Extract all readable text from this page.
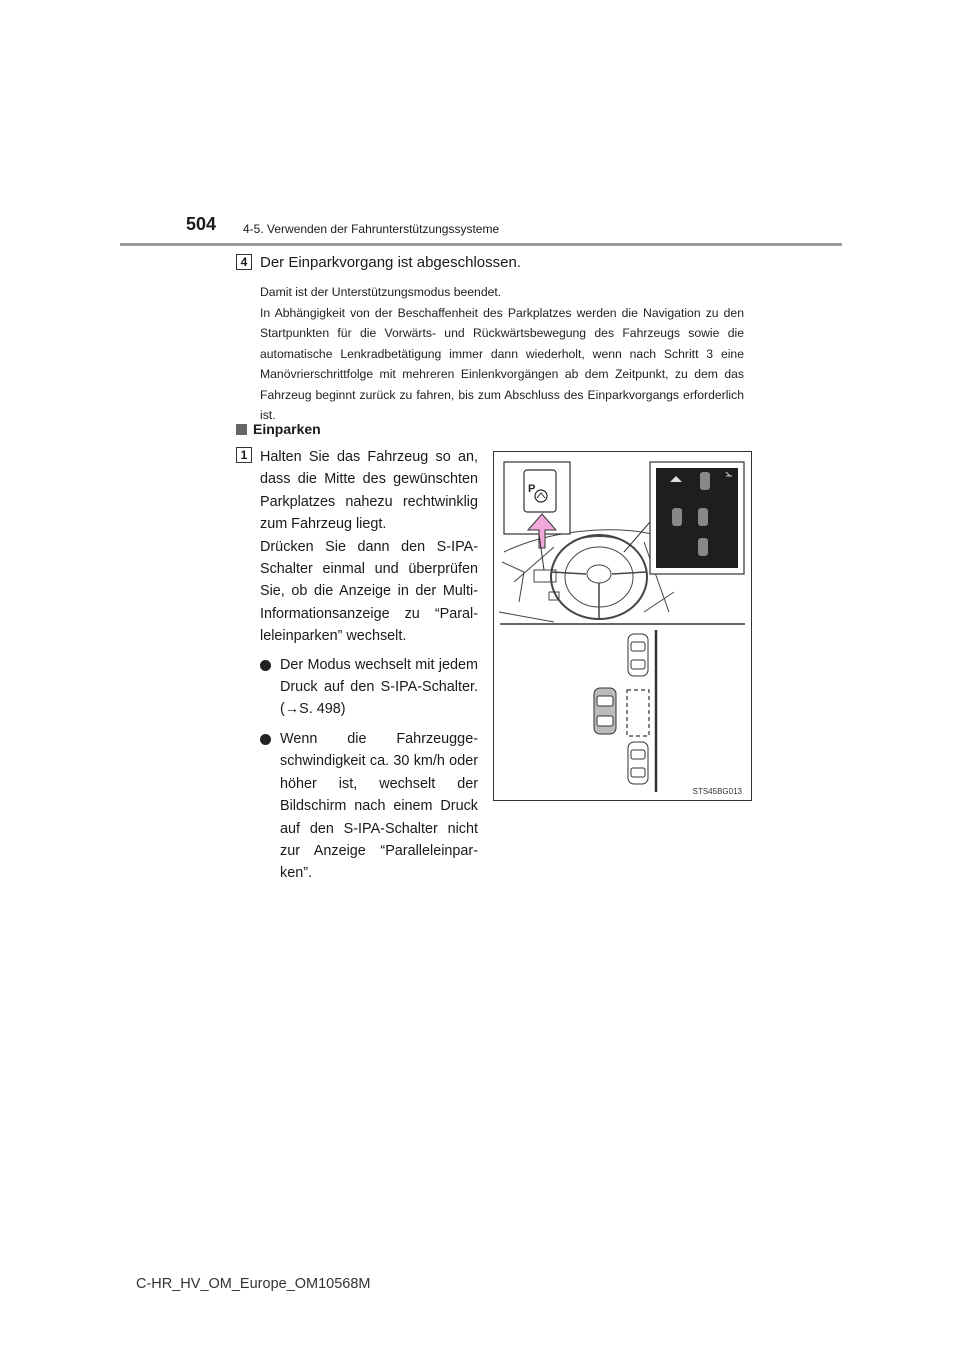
504 4-5. Verwenden der Fahrunterstützungssysteme
4 Der Einparkvorgang ist abgeschlossen.

Damit ist der Unterstützungsmodus beendet.

In Abhängigkeit von der Beschaffenheit des Parkplatzes werden die Navigation zu den Startpunkten für die Vorwärts- und Rückwärtsbewegung des Fahrzeugs sowie die automatische Lenkradbetätigung immer dann wiederholt, wenn nach Schritt 3 eine Manövrierschrittfolge mit mehreren Einlenkvorgängen ab dem Zeitpunkt, zu dem das Fahrzeug beginnt zurück zu fahren, bis zum Abschluss des Einparkvorgangs erforderlich ist.

Einparken
1 Halten Sie das Fahrzeug so an, dass die Mitte des gewünschten Parkplatzes nahezu rechtwinklig zum Fahrzeug liegt.

Drücken Sie dann den S-IPA-Schalter einmal und überprüfen Sie, ob die Anzeige in der Multi-Informationsanzeige zu “Paral-leleinparken” wechselt.

Der Modus wechselt mit jedem Druck auf den S-IPA-Schalter. (→S. 498)
Wenn die Fahrzeugge-schwindigkeit ca. 30 km/h oder höher ist, wechselt der Bildschirm nach einem Druck auf den S-IPA-Schalter nicht zur Anzeige “Paralleleinpar-ken”.
P
STS45BG013
C-HR_HV_OM_Europe_OM10568M
